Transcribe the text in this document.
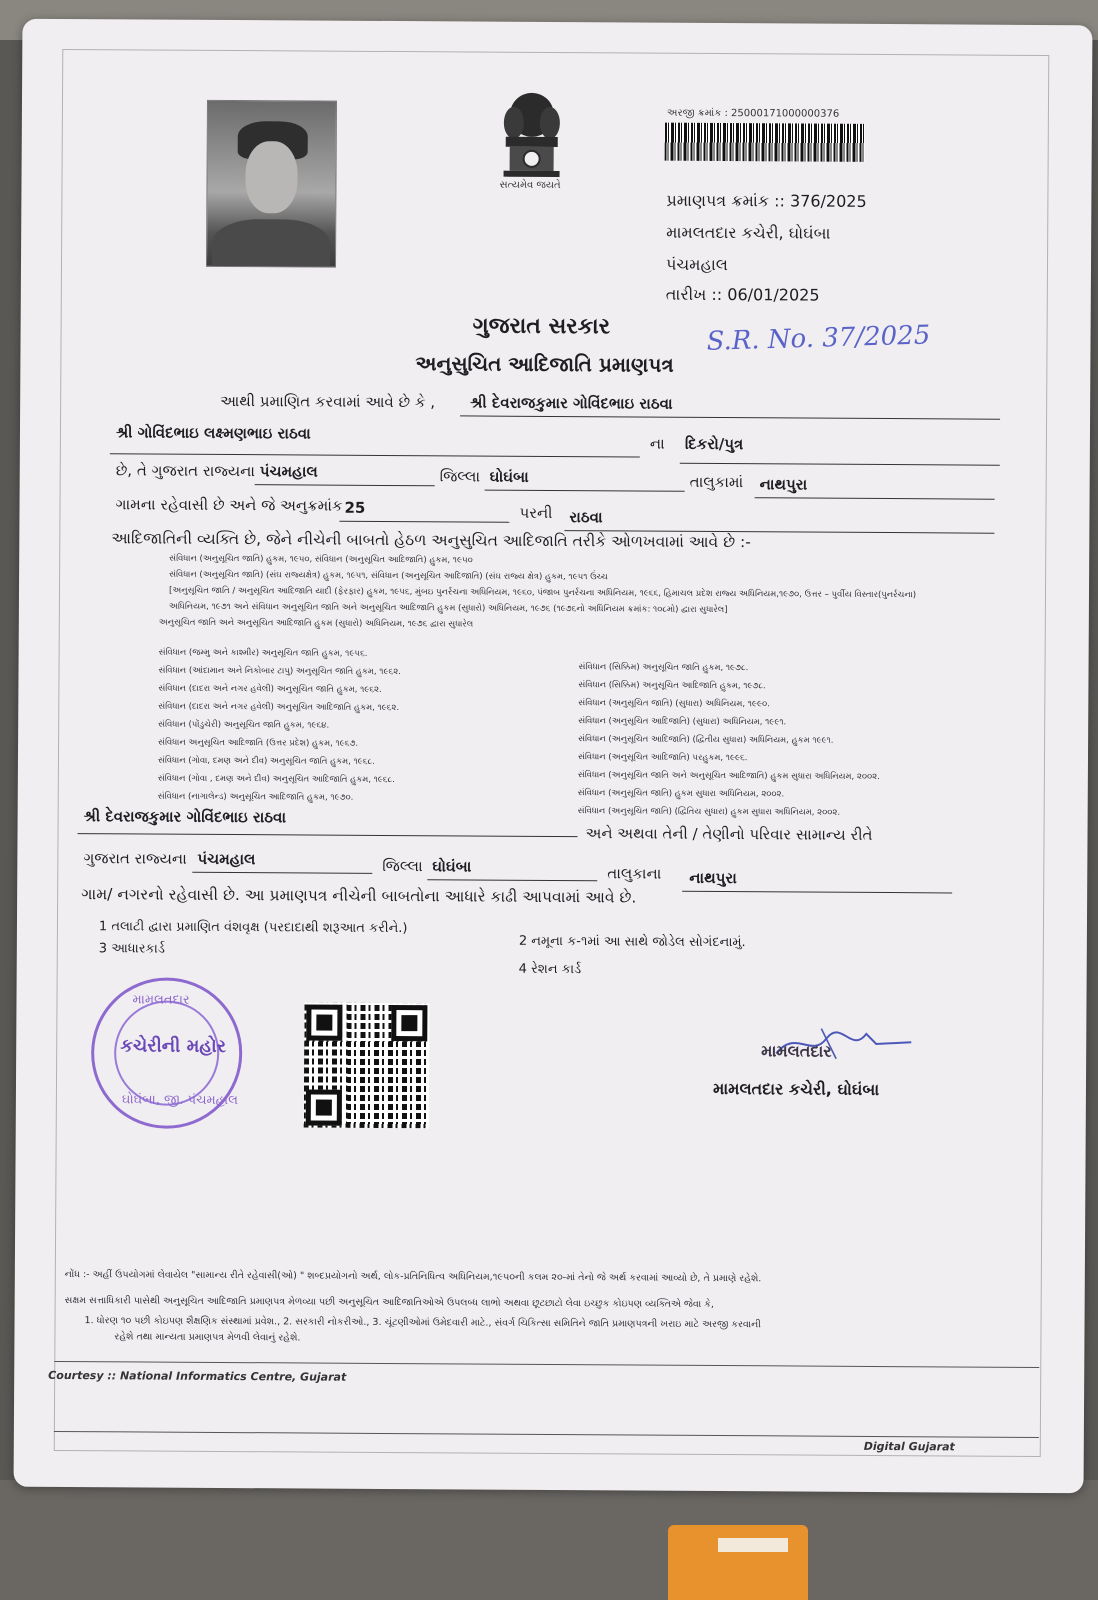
સત્યમેવ જયતે
અરજી ક્રમાંક : 25000171000000376
પ્રમાણપત્ર ક્રમાંક :: 376/2025
મામલતદાર કચેરી, ઘોઘંબા
પંચમહાલ
તારીખ :: 06/01/2025
ગુજરાત સરકાર	S.R. No. 37/2025
અનુસુચિત આદિજાતિ પ્રમાણપત્ર
આથી પ્રમાણિત કરવામાં આવે છે કે , શ્રી દેવરાજકુમાર ગોવિંદભાઇ રાઠવા
શ્રી ગોવિંદભાઇ લક્ષ્મણભાઇ રાઠવા
ના દિકરો/પુત્ર
છે, તે ગુજરાત રાજ્યના પંચમહાલ	જિલ્લા ઘોઘંબા	તાલુકામાં નાથપુરા
ગામના રહેવાસી છે અને જે અનુક્રમાંક 25	પરની રાઠવા
આદિજાતિની વ્યક્તિ છે, જેને નીચેની બાબતો હેઠળ અનુસુચિત આદિજાતિ તરીકે ઓળખવામાં આવે છે :-
સંવિધાન (અનુસૂચિત જાતિ) હુકમ, ૧૯૫૦, સંવિધાન (અનુસૂચિત આદિજાતિ) હુકમ, ૧૯૫૦
સંવિધાન (અનુસૂચિત જાતિ) (સંઘ રાજ્યક્ષેત્ર) હુકમ, ૧૯૫૧, સંવિધાન (અનુસૂચિત આદિજાતિ) (સંઘ રાજ્ય ક્ષેત્ર) હુકમ, ૧૯૫૧ ઉંચ્ચ
[અનુસૂચિત જાતિ / અનુસૂચિત આદિજાતિ યાદી (ફેરફાર) હુકમ, ૧૯૫૬, મુંબઇ પુનર્રચના અધિનિયમ, ૧૯૬૦, પંજાબ પુનર્રચના અધિનિયમ, ૧૯૬૬, હિમાચલ પ્રદેશ રાજ્ય અધિનિયમ,૧૯૭૦, ઉત્તર – પુર્વીય વિસ્તાર(પુનર્રચના)
અધિનિયમ, ૧૯૭૧ અને સંવિધાન અનુસૂચિત જાતિ અને અનુસૂચિત આદિજાતિ હુકમ (સુધારો) અધિનિયમ, ૧૯૭૬ (૧૯૭૬નો અધિનિયમ ક્રમાંક: ૧૦૮મો) દ્વારા સુધારેલ]
અનુસૂચિત જાતિ અને અનુસૂચિત આદિજાતિ હુકમ (સુધારો) અધિનિયમ, ૧૯૭૬ દ્વારા સુધારેલ
સંવિધાન (જમ્મુ અને કાશ્મીર) અનુસૂચિત જાતિ હુકમ, ૧૯૫૬.
સંવિધાન (આંદામાન અને નિકોબાર ટાપુ) અનુસૂચિત જાતિ હુકમ, ૧૯૬૨.
સંવિધાન (દાદરા અને નગર હવેલી) અનુસૂચિત જાતિ હુકમ, ૧૯૬૨.
સંવિધાન (દાદરા અને નગર હવેલી) અનુસૂચિત આદિજાતિ હુકમ, ૧૯૬૨.
સંવિધાન (પોંડુચેરી) અનુસૂચિત જાતિ હુકમ, ૧૯૬૪.
સંવિધાન અનુસૂચિત આદિજાતિ (ઉત્તર પ્રદેશ) હુકમ, ૧૯૬૭.
સંવિધાન (ગોવા, દમણ અને દીવ) અનુસૂચિત જાતિ હુકમ, ૧૯૬૮.
સંવિધાન (ગોવા , દમણ અને દીવ) અનુસૂચિત આદિજાતિ હુકમ, ૧૯૬૮.
સંવિધાન (નાગાલેન્ડ) અનુસૂચિત આદિજાતિ હુકમ, ૧૯૭૦.
સંવિધાન (સિક્કિમ) અનુસૂચિત જાતિ હુકમ, ૧૯૭૮.
સંવિધાન (સિક્કિમ) અનુસૂચિત આદિજાતિ હુકમ, ૧૯૭૮.
સંવિધાન (અનુસૂચિત જાતિ) (સુધારા) અધિનિયમ, ૧૯૯૦.
સંવિધાન (અનુસૂચિત આદિજાતિ) (સુધારા) અધિનિયમ, ૧૯૯૧.
સંવિધાન (અનુસૂચિત આદિજાતિ) (દ્વિતીય સુધારા) અધિનિયમ, હુકમ ૧૯૯૧.
સંવિધાન (અનુસૂચિત આદિજાતિ) પરહુકમ, ૧૯૯૬.
સંવિધાન (અનુસૂચિત જાતિ અને અનુસૂચિત આદિજાતિ) હુકમ સુધારા અધિનિયમ, ૨૦૦૨.
સંવિધાન (અનુસૂચિત જાતિ) હુકમ સુધારા અધિનિયમ, ૨૦૦૨.
સંવિધાન (અનુસૂચિત જાતિ) (દ્વિતિય સુધારા) હુકમ સુધારા અધિનિયમ, ૨૦૦૨.
શ્રી દેવરાજકુમાર ગોવિંદભાઇ રાઠવા
અને અથવા તેની / તેણીનો પરિવાર સામાન્ય રીતે
ગુજરાત રાજ્યના પંચમહાલ	જિલ્લા ઘોઘંબા	તાલુકાના નાથપુરા
ગામ/ નગરનો રહેવાસી છે. આ પ્રમાણપત્ર નીચેની બાબતોના આધારે કાઢી આપવામાં આવે છે.
1 તલાટી દ્વારા પ્રમાણિત વંશવૃક્ષ (પરદાદાથી શરૂઆત કરીને.)
2 નમૂના ક-૧માં આ સાથે જોડેલ સોગંદનામું.
3 આધારકાર્ડ
4 રેશન કાર્ડ
મામલતદાર
કચેરીની મહોર
ઘોઘંબા, જી. પંચમહાલ
મામલતદાર
મામલતદાર કચેરી, ઘોઘંબા
નોંધ :- અહીં ઉપયોગમાં લેવાયેલ "સામાન્ય રીતે રહેવાસી(ઓ) " શબ્દપ્રયોગનો અર્થ, લોક-પ્રતિનિધિત્વ અધિનિયમ,૧૯૫૦ની કલમ ૨૦-માં તેનો જે અર્થ કરવામાં આવ્યો છે, તે પ્રમાણે રહેશે.
સક્ષમ સત્તાધિકારી પાસેથી અનુસૂચિત આદિજાતિ પ્રમાણપત્ર મેળવ્યા પછી અનુસૂચિત આદિજાતિઓએ ઉપલબ્ધ લાભો અથવા છૂટછાટો લેવા ઇચ્છુક કોઇપણ વ્યક્તિએ જેવા કે,
1. ધોરણ ૧૦ પછી કોઇપણ શૈક્ષણિક સંસ્થામાં પ્રવેશ., 2. સરકારી નોકરીઓ., 3. ચૂંટણીઓમાં ઉમેદવારી માટે., સંવર્ગ ચિકિત્સા સમિતિને જાતિ પ્રમાણપત્રની ખરાઇ માટે અરજી કરવાની
રહેશે તથા માન્યતા પ્રમાણપત્ર મેળવી લેવાનું રહેશે.
Courtesy :: National Informatics Centre, Gujarat
Digital Gujarat
